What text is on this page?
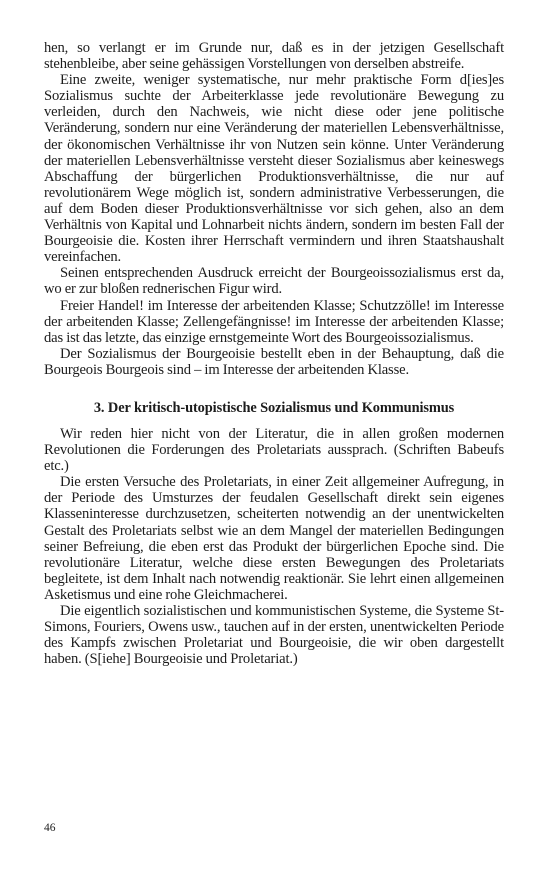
hen, so verlangt er im Grunde nur, daß es in der jetzigen Gesellschaft stehenbleibe, aber seine gehässigen Vorstellungen von derselben abstreife.

Eine zweite, weniger systematische, nur mehr praktische Form d[ies]es Sozialismus suchte der Arbeiterklasse jede revolutionäre Bewegung zu verleiden, durch den Nachweis, wie nicht diese oder jene politische Veränderung, sondern nur eine Veränderung der materiellen Lebensverhältnisse, der ökonomischen Verhältnisse ihr von Nutzen sein könne. Unter Veränderung der materiellen Lebensverhältnisse versteht dieser Sozialismus aber keineswegs Abschaffung der bürgerlichen Produktionsverhältnisse, die nur auf revolutionärem Wege möglich ist, sondern administrative Verbesserungen, die auf dem Boden dieser Produktionsverhältnisse vor sich gehen, also an dem Verhältnis von Kapital und Lohnarbeit nichts ändern, sondern im besten Fall der Bourgeoisie die. Kosten ihrer Herrschaft vermindern und ihren Staatshaushalt vereinfachen.

Seinen entsprechenden Ausdruck erreicht der Bourgeoissozialismus erst da, wo er zur bloßen rednerischen Figur wird.

Freier Handel! im Interesse der arbeitenden Klasse; Schutzzölle! im Interesse der arbeitenden Klasse; Zellengefängnisse! im Interesse der arbeitenden Klasse; das ist das letzte, das einzige ernstgemeinte Wort des Bourgeoissozialismus.

Der Sozialismus der Bourgeoisie bestellt eben in der Behauptung, daß die Bourgeois Bourgeois sind – im Interesse der arbeitenden Klasse.

3. Der kritisch-utopistische Sozialismus und Kommunismus

Wir reden hier nicht von der Literatur, die in allen großen modernen Revolutionen die Forderungen des Proletariats aussprach. (Schriften Babeufs etc.)

Die ersten Versuche des Proletariats, in einer Zeit allgemeiner Aufregung, in der Periode des Umsturzes der feudalen Gesellschaft direkt sein eigenes Klasseninteresse durchzusetzen, scheiterten notwendig an der unentwickelten Gestalt des Proletariats selbst wie an dem Mangel der materiellen Bedingungen seiner Befreiung, die eben erst das Produkt der bürgerlichen Epoche sind. Die revolutionäre Literatur, welche diese ersten Bewegungen des Proletariats begleitete, ist dem Inhalt nach notwendig reaktionär. Sie lehrt einen allgemeinen Asketismus und eine rohe Gleichmacherei.

Die eigentlich sozialistischen und kommunistischen Systeme, die Systeme St-Simons, Fouriers, Owens usw., tauchen auf in der ersten, unentwickelten Periode des Kampfs zwischen Proletariat und Bourgeoisie, die wir oben dargestellt haben. (S[iehe] Bourgeoisie und Proletariat.)

46
